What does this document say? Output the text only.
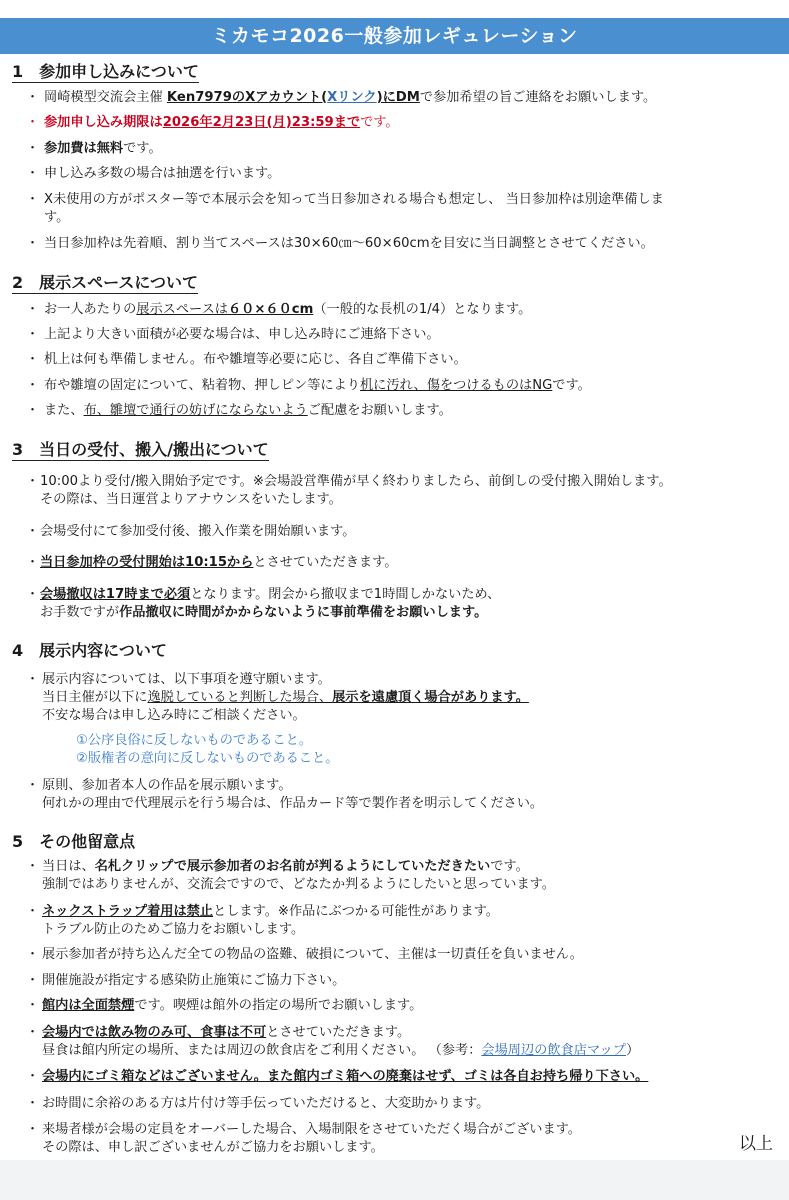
ミカモコ2026一般参加レギュレーション
1　参加申し込みについて
・ 岡崎模型交流会主催 Ken7979のXアカウント(Xリンク)にDMで参加希望の旨ご連絡をお願いします。
・ 参加申し込み期限は2026年2月23日(月)23:59までです。
・ 参加費は無料です。
・ 申し込み多数の場合は抽選を行います。
・ X未使用の方がポスター等で本展示会を知って当日参加される場合も想定し、 当日参加枠は別途準備しま
す。
・ 当日参加枠は先着順、割り当てスペースは30×60㎝～60×60cmを目安に当日調整とさせてください。
2　展示スペースについて
・ お一人あたりの展示スペースは６０×６０cm（一般的な長机の1/4）となります。
・ 上記より大きい面積が必要な場合は、申し込み時にご連絡下さい。
・ 机上は何も準備しません。布や雛壇等必要に応じ、各自ご準備下さい。
・ 布や雛壇の固定について、粘着物、押しピン等により机に汚れ、傷をつけるものはNGです。
・ また、布、雛壇で通行の妨げにならないようご配慮をお願いします。
3　当日の受付、搬入/搬出について
・ 10:00より受付/搬入開始予定です。※会場設営準備が早く終わりましたら、前倒しの受付搬入開始します。
その際は、当日運営よりアナウンスをいたします。
・ 会場受付にて参加受付後、搬入作業を開始願います。
・ 当日参加枠の受付開始は10:15からとさせていただきます。
・ 会場撤収は17時まで必須となります。閉会から撤収まで1時間しかないため、
お手数ですが作品撤収に時間がかからないように事前準備をお願いします。
4　展示内容について
・ 展示内容については、以下事項を遵守願います。
当日主催が以下に逸脱していると判断した場合、展示を遠慮頂く場合があります。
不安な場合は申し込み時にご相談ください。
①公序良俗に反しないものであること。
②版権者の意向に反しないものであること。
・ 原則、参加者本人の作品を展示願います。
何れかの理由で代理展示を行う場合は、作品カード等で製作者を明示してください。
5　その他留意点
・ 当日は、名札クリップで展示参加者のお名前が判るようにしていただきたいです。
強制ではありませんが、交流会ですので、どなたか判るようにしたいと思っています。
・ ネックストラップ着用は禁止とします。※作品にぶつかる可能性があります。
トラブル防止のためご協力をお願いします。
・ 展示参加者が持ち込んだ全ての物品の盗難、破損について、主催は一切責任を負いません。
・ 開催施設が指定する感染防止施策にご協力下さい。
・ 館内は全面禁煙です。喫煙は館外の指定の場所でお願いします。
・ 会場内では飲み物のみ可、食事は不可とさせていただきます。
昼食は館内所定の場所、または周辺の飲食店をご利用ください。 （参考：会場周辺の飲食店マップ）
・ 会場内にゴミ箱などはございません。また館内ゴミ箱への廃棄はせず、ゴミは各自お持ち帰り下さい。
・ お時間に余裕のある方は片付け等手伝っていただけると、大変助かります。
・ 来場者様が会場の定員をオーバーした場合、入場制限をさせていただく場合がございます。
その際は、申し訳ございませんがご協力をお願いします。	以上
